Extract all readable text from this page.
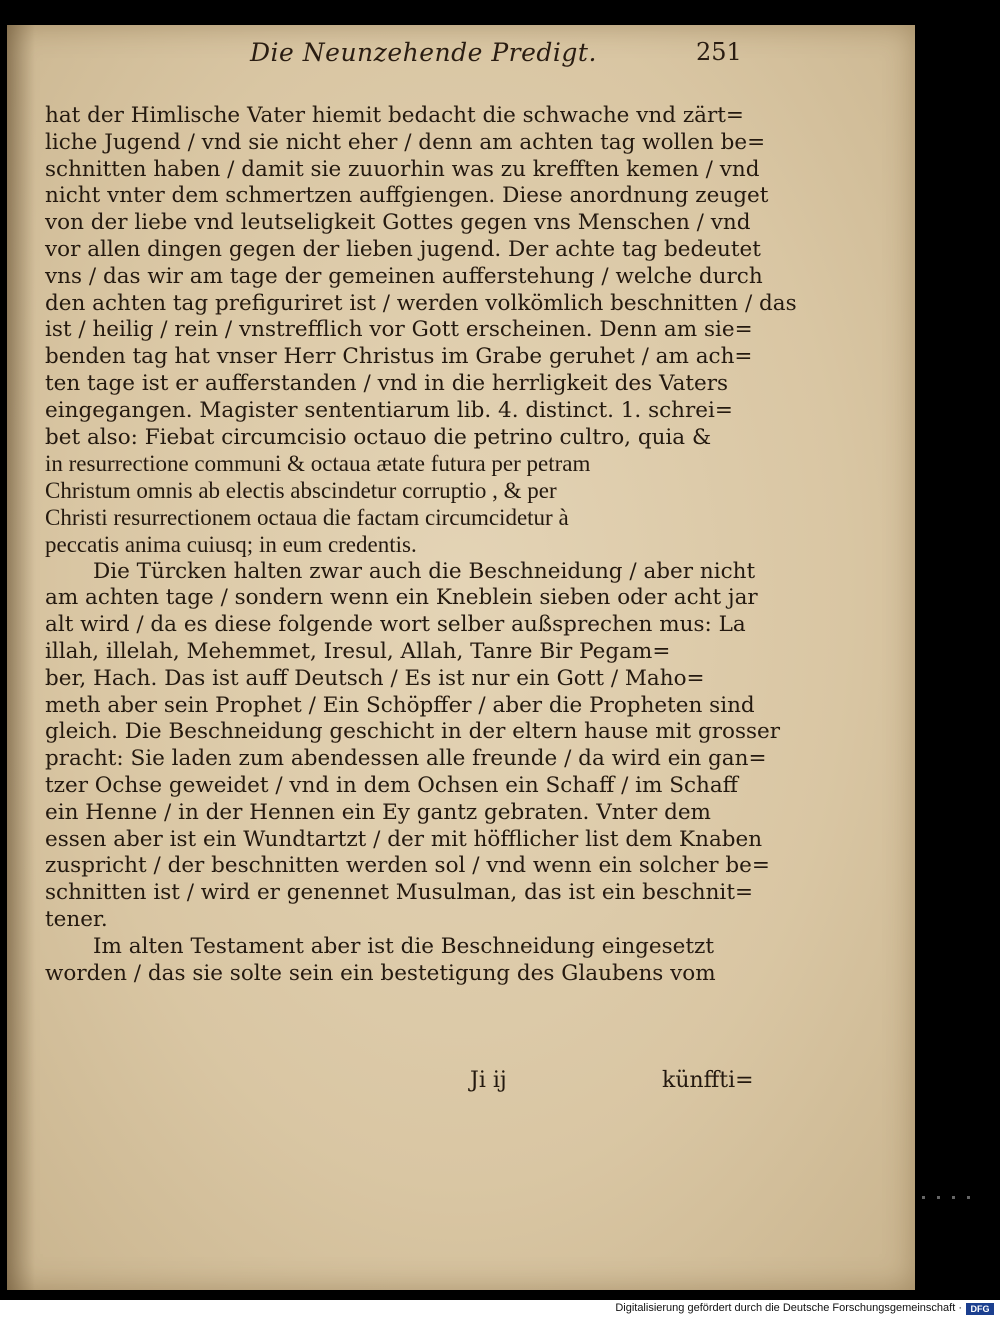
Die Neunzehende Predigt.	251
hat der Himlische Vater hiemit bedacht die schwache vnd zärt=
liche Jugend / vnd sie nicht eher / denn am achten tag wollen be=
schnitten haben / damit sie zuuorhin was zu krefften kemen / vnd
nicht vnter dem schmertzen auffgiengen. Diese anordnung zeuget
von der liebe vnd leutseligkeit Gottes gegen vns Menschen / vnd
vor allen dingen gegen der lieben jugend. Der achte tag bedeutet
vns / das wir am tage der gemeinen aufferstehung / welche durch
den achten tag prefiguriret ist / werden volkömlich beschnitten / das
ist / heilig / rein / vnstrefflich vor Gott erscheinen. Denn am sie=
benden tag hat vnser Herr Christus im Grabe geruhet / am ach=
ten tage ist er aufferstanden / vnd in die herrligkeit des Vaters
eingegangen. Magister sententiarum lib. 4. distinct. 1. schrei=
bet also: Fiebat circumcisio octauo die petrino cultro, quia &
in resurrectione communi & octaua ætate futura per petram
Christum omnis ab electis abscindetur corruptio , & per
Christi resurrectionem octaua die factam circumcidetur à
peccatis anima cuiusq; in eum credentis.
Die Türcken halten zwar auch die Beschneidung / aber nicht
am achten tage / sondern wenn ein Kneblein sieben oder acht jar
alt wird / da es diese folgende wort selber außsprechen mus: La
illah, illelah, Mehemmet, Iresul, Allah, Tanre Bir Pegam=
ber, Hach. Das ist auff Deutsch / Es ist nur ein Gott / Maho=
meth aber sein Prophet / Ein Schöpffer / aber die Propheten sind
gleich. Die Beschneidung geschicht in der eltern hause mit grosser
pracht: Sie laden zum abendessen alle freunde / da wird ein gan=
tzer Ochse geweidet / vnd in dem Ochsen ein Schaff / im Schaff
ein Henne / in der Hennen ein Ey gantz gebraten. Vnter dem
essen aber ist ein Wundtartzt / der mit höfflicher list dem Knaben
zuspricht / der beschnitten werden sol / vnd wenn ein solcher be=
schnitten ist / wird er genennet Musulman, das ist ein beschnit=
tener.
Im alten Testament aber ist die Beschneidung eingesetzt
worden / das sie solte sein ein bestetigung des Glaubens vom
Ji ij	künffti=
Digitalisierung gefördert durch die Deutsche Forschungsgemeinschaft · DFG
